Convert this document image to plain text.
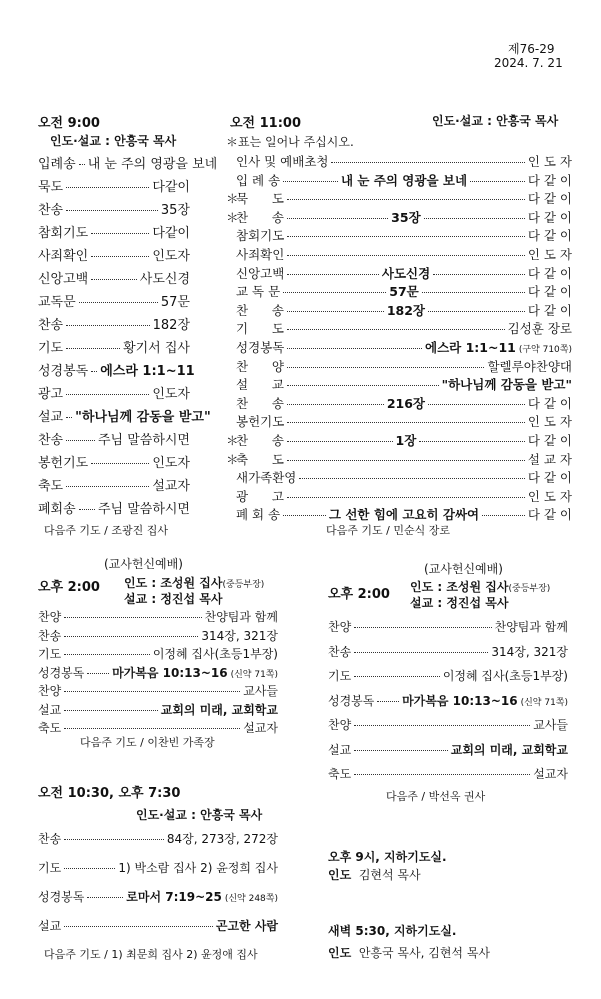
제76-29
2024. 7. 21
오전 9:00
인도·설교 : 안흥국 목사
입례송 내 눈 주의 영광을 보네
묵도	다같이
찬송	35장
참회기도	다같이
사죄확인	인도자
신앙고백	사도신경
교독문	57문
찬송	182장
기도	황기서 집사
성경봉독 에스라 1:1~11
광고	인도자
설교 "하나님께 감동을 받고"
찬송	주님 말씀하시면
봉헌기도	인도자
축도	설교자
폐회송 주님 말씀하시면
다음주 기도 / 조광진 집사
오전 11:00	인도·설교 : 안흥국 목사
＊표는 일어나 주십시오.
인사 및 예배초청	인 도 자
입 례 송	내 눈 주의 영광을 보네	다 같 이
＊
묵      도	다 같 이
＊
찬      송	35장	다 같 이
참회기도	다 같 이
사죄확인	인 도 자
신앙고백	사도신경	다 같 이
교 독 문	57문	다 같 이
찬      송	182장	다 같 이
기      도	김성훈 장로
성경봉독	에스라 1:1~11 (구약 710쪽)
찬      양	할렐루야찬양대
설      교	"하나님께 감동을 받고"
찬      송	216장	다 같 이
봉헌기도	인 도 자
＊
찬      송	1장	다 같 이
＊
축      도	설 교 자
새가족환영	다 같 이
광      고	인 도 자
폐 회 송	그 선한 힘에 고요히 감싸여	다 같 이
다음주 기도 / 민순식 장로
(교사헌신예배)
오후 2:00 인도 : 조성원 집사(중등부장)
설교 : 정진섭 목사
찬양	찬양팀과 함께
찬송	314장, 321장
기도	이정혜 집사(초등1부장)
성경봉독 마가복음 10:13~16 (신약 71쪽)
찬양	교사들
설교	교회의 미래, 교회학교
축도	설교자
다음주 기도 / 이찬빈 가족장
(교사헌신예배)
오후 2:00 인도 : 조성원 집사(중등부장)
설교 : 정진섭 목사
찬양	찬양팀과 함께
찬송	314장, 321장
기도	이정혜 집사(초등1부장)
성경봉독 마가복음 10:13~16 (신약 71쪽)
찬양	교사들
설교	교회의 미래, 교회학교
축도	설교자
다음주 / 박선옥 권사
오전 10:30, 오후 7:30
인도·설교 : 안흥국 목사
찬송	84장, 273장, 272장
기도	1) 박소람 집사 2) 윤정희 집사
성경봉독	로마서 7:19~25 (신약 248쪽)
설교	곤고한 사람
다음주 기도 / 1) 최문희 집사 2) 윤정애 집사
오후 9시, 지하기도실.
인도 김현석 목사
새벽 5:30, 지하기도실.
인도 안흥국 목사, 김현석 목사
